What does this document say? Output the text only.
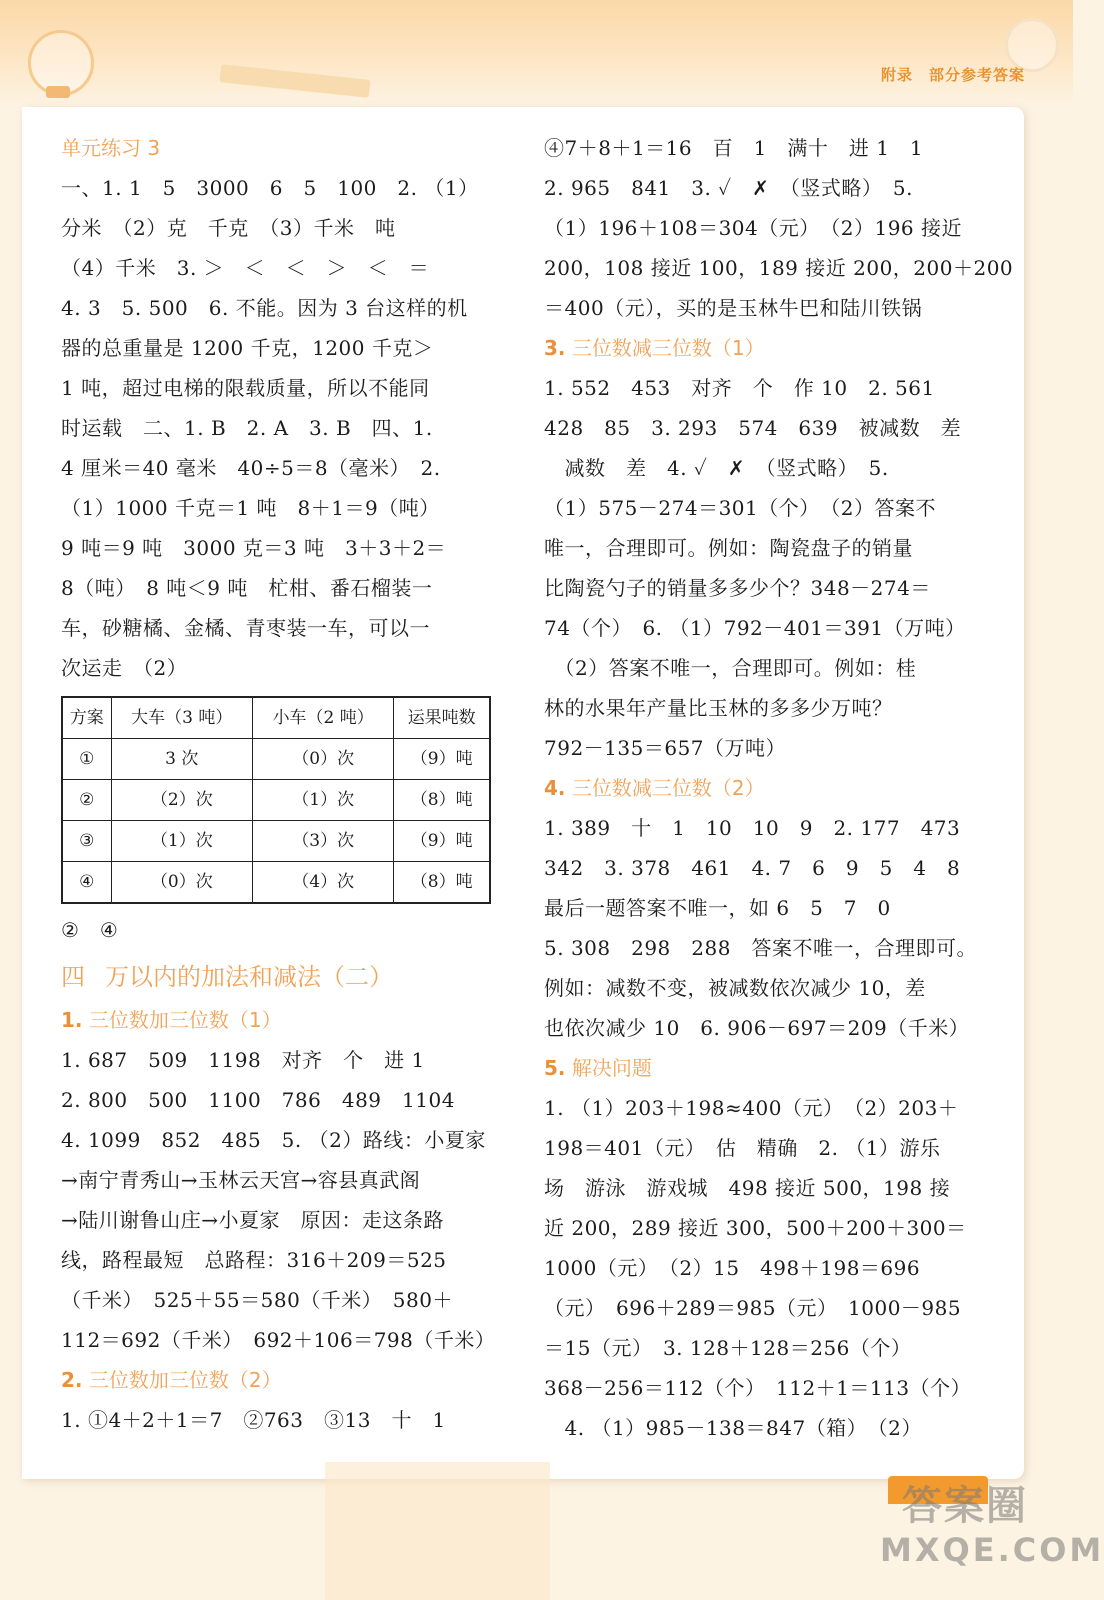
附录 部分参考答案
单元练习 3
一、1. 1　5　3000　6　5　100　2. （1）
分米　（2）克　千克　（3）千米　吨
（4）千米　3. ＞　＜　＜　＞　＜　＝
4. 3　5. 500　6. 不能。因为 3 台这样的机
器的总重量是 1200 千克，1200 千克＞
1 吨，超过电梯的限载质量，所以不能同
时运载　二、1. B　2. A　3. B　四、1.
4 厘米＝40 毫米　40÷5＝8（毫米）　2.
（1）1000 千克＝1 吨　8＋1＝9（吨）
9 吨＝9 吨　3000 克＝3 吨　3＋3＋2＝
8（吨）　8 吨＜9 吨　杧柑、番石榴装一
车，砂糖橘、金橘、青枣装一车，可以一
次运走　（2）
方案	大车（3 吨）	小车（2 吨）	运果吨数
①	3 次	（0）次	（9）吨
②	（2）次	（1）次	（8）吨
③	（1）次	（3）次	（9）吨
④	（0）次	（4）次	（8）吨
②　④
四 万以内的加法和减法（二）
1. 三位数加三位数（1）
1. 687　509　1198　对齐　个　进 1
2. 800　500　1100　786　489　1104
4. 1099　852　485　5. （2）路线：小夏家
→南宁青秀山→玉林云天宫→容县真武阁
→陆川谢鲁山庄→小夏家　原因：走这条路
线，路程最短　总路程：316＋209＝525
（千米）　525＋55＝580（千米）　580＋
112＝692（千米）　692＋106＝798（千米）
2. 三位数加三位数（2）
1. ①4＋2＋1＝7　②763　③13　十　1
④7＋8＋1＝16　百　1　满十　进 1　1
2. 965　841　3. ✓　✗　（竖式略）　5.
（1）196＋108＝304（元）　（2）196 接近
200，108 接近 100，189 接近 200，200＋200
＝400（元），买的是玉林牛巴和陆川铁锅
3. 三位数减三位数（1）
1. 552　453　对齐　个　作 10　2. 561
428　85　3. 293　574　639　被减数　差
　减数　差　4. ✓　✗　（竖式略）　5.
（1）575－274＝301（个）　（2）答案不
唯一，合理即可。例如：陶瓷盘子的销量
比陶瓷勺子的销量多多少个？348－274＝
74（个）　6. （1）792－401＝391（万吨）
　（2）答案不唯一，合理即可。例如：桂
林的水果年产量比玉林的多多少万吨？
792－135＝657（万吨）
4. 三位数减三位数（2）
1. 389　十　1　10　10　9　2. 177　473
342　3. 378　461　4. 7　6　9　5　4　8
最后一题答案不唯一，如 6　5　7　0
5. 308　298　288　答案不唯一，合理即可。
例如：减数不变，被减数依次减少 10，差
也依次减少 10　6. 906－697＝209（千米）
5. 解决问题
1. （1）203＋198≈400（元）　（2）203＋
198＝401（元）　估　精确　2. （1）游乐
场　游泳　游戏城　498 接近 500，198 接
近 200，289 接近 300，500＋200＋300＝
1000（元）　（2）15　498＋198＝696
（元）　696＋289＝985（元）　1000－985
＝15（元）　3. 128＋128＝256（个）
368－256＝112（个）　112＋1＝113（个）
　4. （1）985－138＝847（箱）　（2）
答案圈
MXQE.COM
